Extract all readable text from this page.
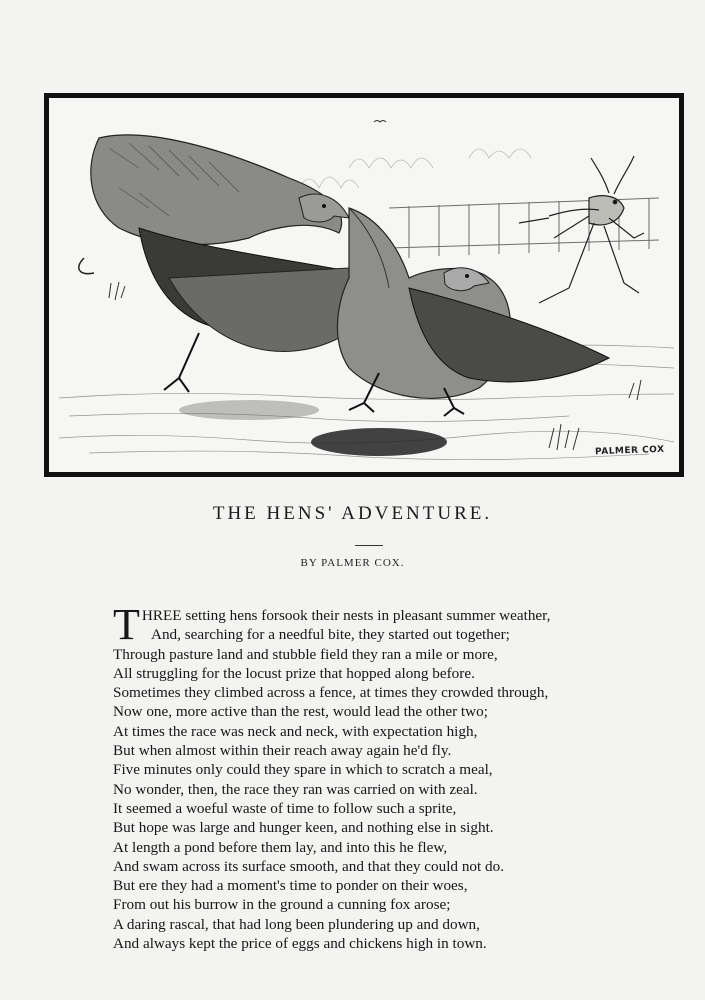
PALMER COX
THE HENS' ADVENTURE.
BY PALMER COX.
THREE setting hens forsook their nests in pleasant summer weather,
And, searching for a needful bite, they started out together;
Through pasture land and stubble field they ran a mile or more,
All struggling for the locust prize that hopped along before.
Sometimes they climbed across a fence, at times they crowded through,
Now one, more active than the rest, would lead the other two;
At times the race was neck and neck, with expectation high,
But when almost within their reach away again he'd fly.
Five minutes only could they spare in which to scratch a meal,
No wonder, then, the race they ran was carried on with zeal.
It seemed a woeful waste of time to follow such a sprite,
But hope was large and hunger keen, and nothing else in sight.
At length a pond before them lay, and into this he flew,
And swam across its surface smooth, and that they could not do.
But ere they had a moment's time to ponder on their woes,
From out his burrow in the ground a cunning fox arose;
A daring rascal, that had long been plundering up and down,
And always kept the price of eggs and chickens high in town.
